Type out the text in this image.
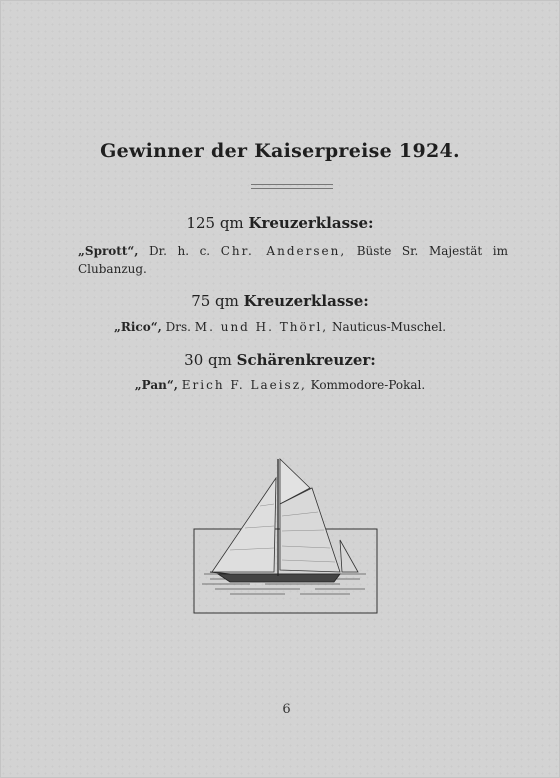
Gewinner der Kaiserpreise 1924.
125 qm Kreuzerklasse:
„Sprott“, Dr. h. c. Chr. Andersen, Büste Sr. Majestät im Clubanzug.
75 qm Kreuzerklasse:
„Rico“, Drs. M. und H. Thörl, Nauticus-Muschel.
30 qm Schärenkreuzer:
„Pan“, Erich F. Laeisz, Kommodore-Pokal.
6
